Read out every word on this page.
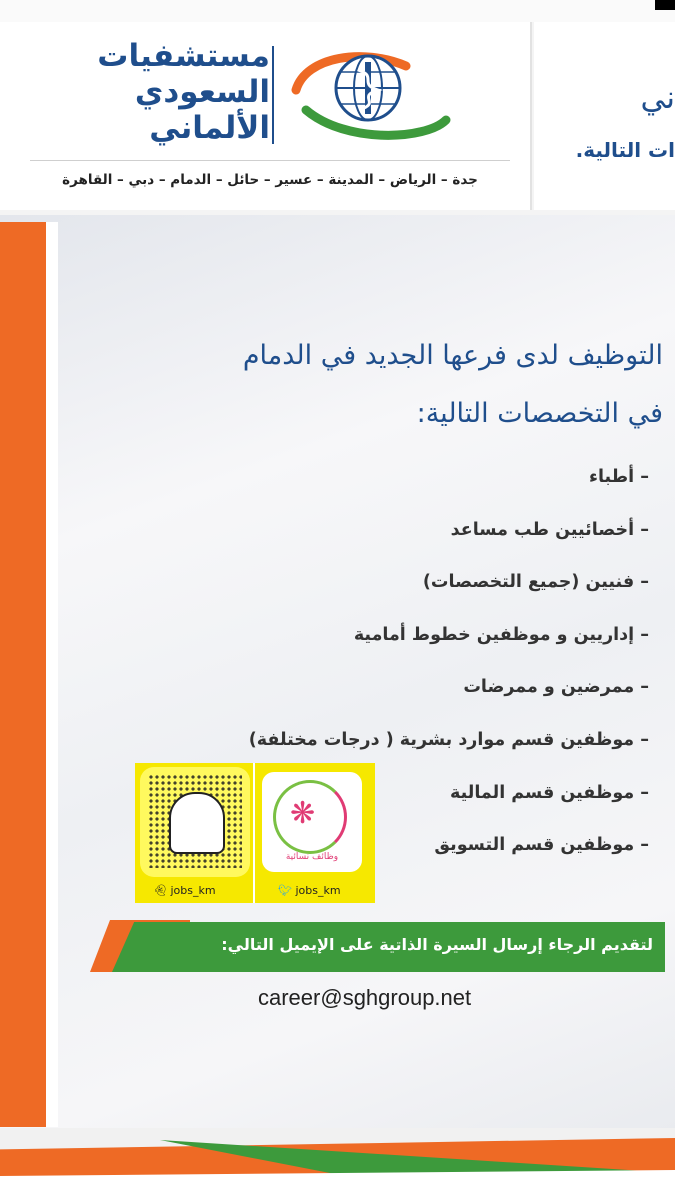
مستشفيات
السعودي
الألماني
جدة – الرياض – المدينة – عسير – حائل – الدمام – دبي – القاهرة
ني
ات التالية.
التوظيف لدى فرعها الجديد في الدمام
في التخصصات التالية:
– أطباء
– أخصائيين طب مساعد
– فنيين (جميع التخصصات)
– إداريين و موظفين خطوط أمامية
– ممرضين و ممرضات
– موظفين قسم موارد بشرية ( درجات مختلفة)
– موظفين قسم المالية
– موظفين قسم التسويق
👻︎ jobs_km
❋
وظائف نسائية
🐦︎ jobs_km
لتقديم الرجاء إرسال السيرة الذاتية على الإيميل التالي:
career@sghgroup.net
